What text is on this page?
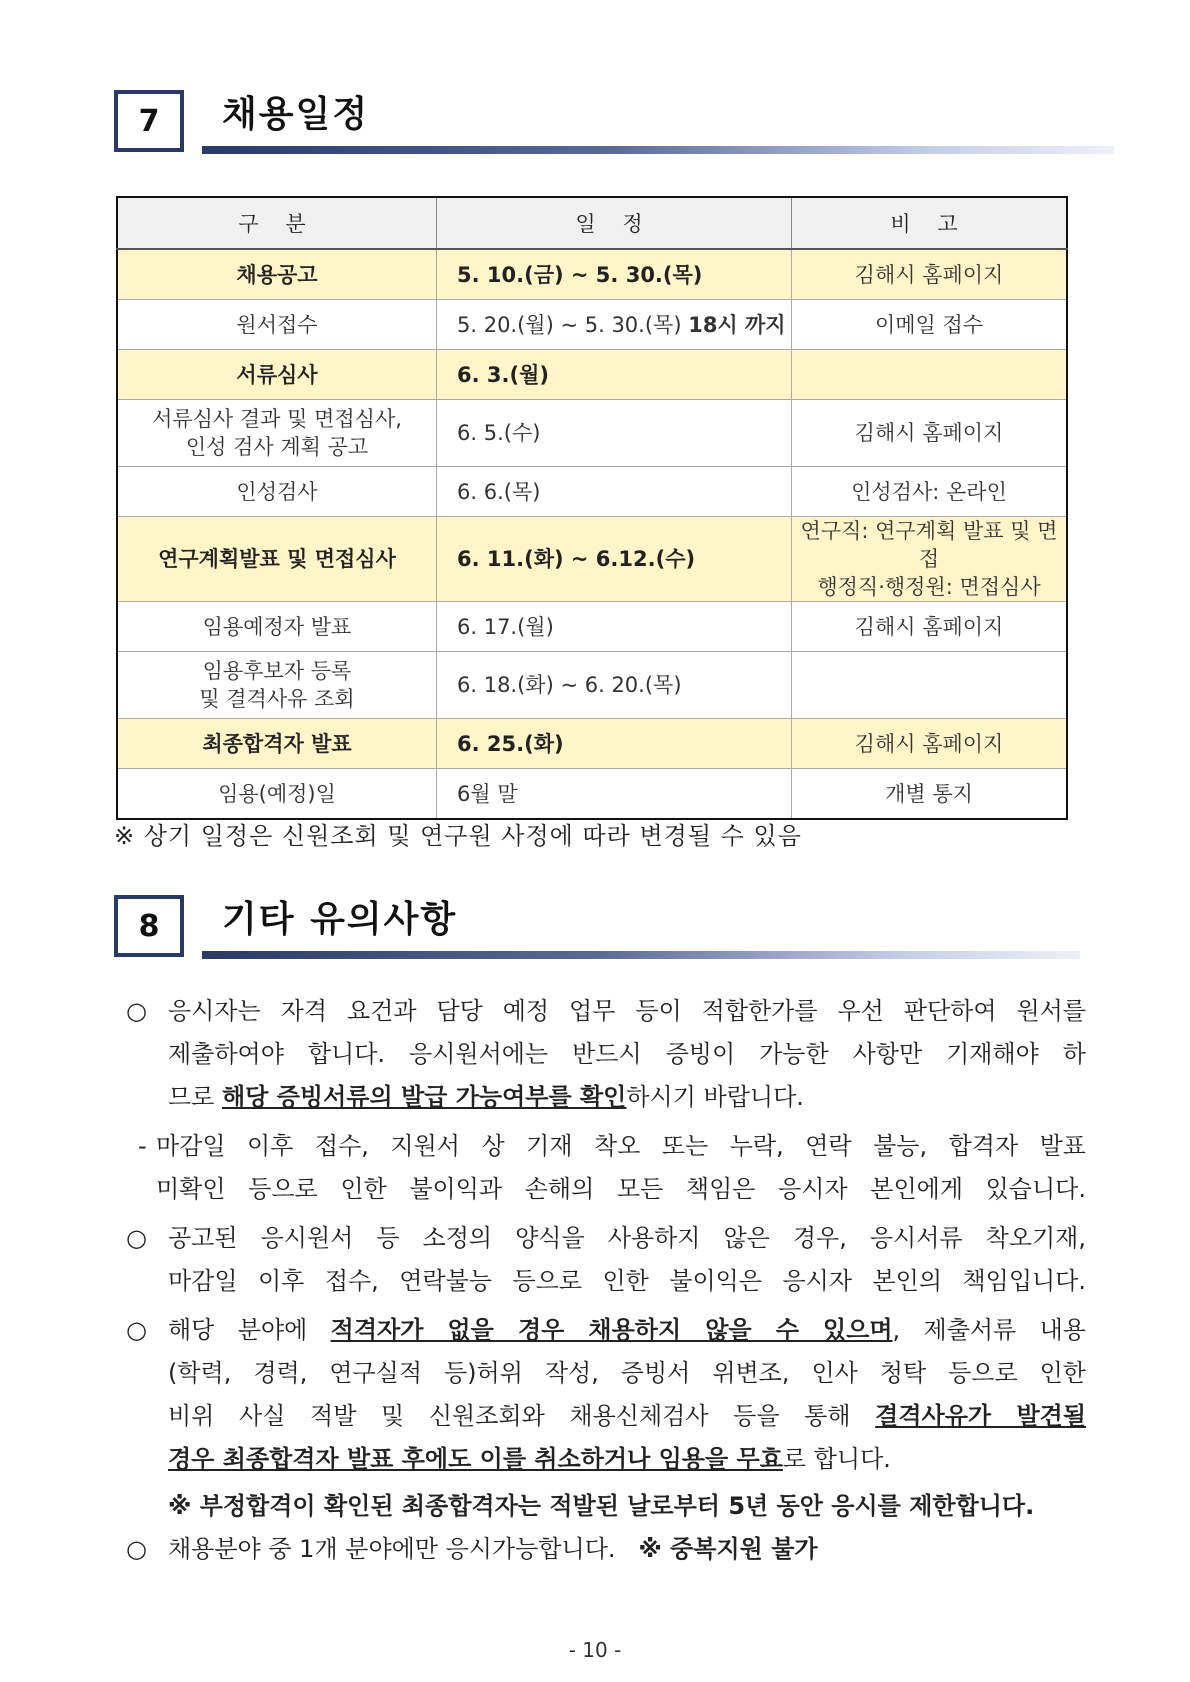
7	채용일정
구 분	일 정	비 고
채용공고	5. 10.(금) ~ 5. 30.(목)	김해시 홈페이지
원서접수	5. 20.(월) ~ 5. 30.(목) 18시 까지	이메일 접수
서류심사	6. 3.(월)	

서류심사 결과 및 면접심사,
인성 검사 계획 공고	6. 5.(수)	김해시 홈페이지
인성검사	6. 6.(목)	인성검사: 온라인
연구계획발표 및 면접심사	6. 11.(화) ~ 6.12.(수)	연구직: 연구계획 발표 및 면접
행정직·행정원: 면접심사

임용예정자 발표	6. 17.(월)	김해시 홈페이지

임용후보자 등록
및 결격사유 조회	6. 18.(화) ~ 6. 20.(목)	
최종합격자 발표	6. 25.(화)	김해시 홈페이지
임용(예정)일	6월 말	개별 통지
※ 상기 일정은 신원조회 및 연구원 사정에 따라 변경될 수 있음
8	기타 유의사항
○ 응시자는 자격 요건과 담당 예정 업무 등이 적합한가를 우선 판단하여 원서를
제출하여야 합니다. 응시원서에는 반드시 증빙이 가능한 사항만 기재해야 하
므로 해당 증빙서류의 발급 가능여부를 확인하시기 바랍니다.
- 마감일 이후 접수, 지원서 상 기재 착오 또는 누락, 연락 불능, 합격자 발표
미확인 등으로 인한 불이익과 손해의 모든 책임은 응시자 본인에게 있습니다.
○ 공고된 응시원서 등 소정의 양식을 사용하지 않은 경우, 응시서류 착오기재,
마감일 이후 접수, 연락불능 등으로 인한 불이익은 응시자 본인의 책임입니다.
○ 해당 분야에 적격자가 없을 경우 채용하지 않을 수 있으며, 제출서류 내용
(학력, 경력, 연구실적 등)허위 작성, 증빙서 위변조, 인사 청탁 등으로 인한
비위 사실 적발 및 신원조회와 채용신체검사 등을 통해 결격사유가 발견될
경우 최종합격자 발표 후에도 이를 취소하거나 임용을 무효로 합니다.
※ 부정합격이 확인된 최종합격자는 적발된 날로부터 5년 동안 응시를 제한합니다.
○ 채용분야 중 1개 분야에만 응시가능합니다. ※ 중복지원 불가
- 10 -
